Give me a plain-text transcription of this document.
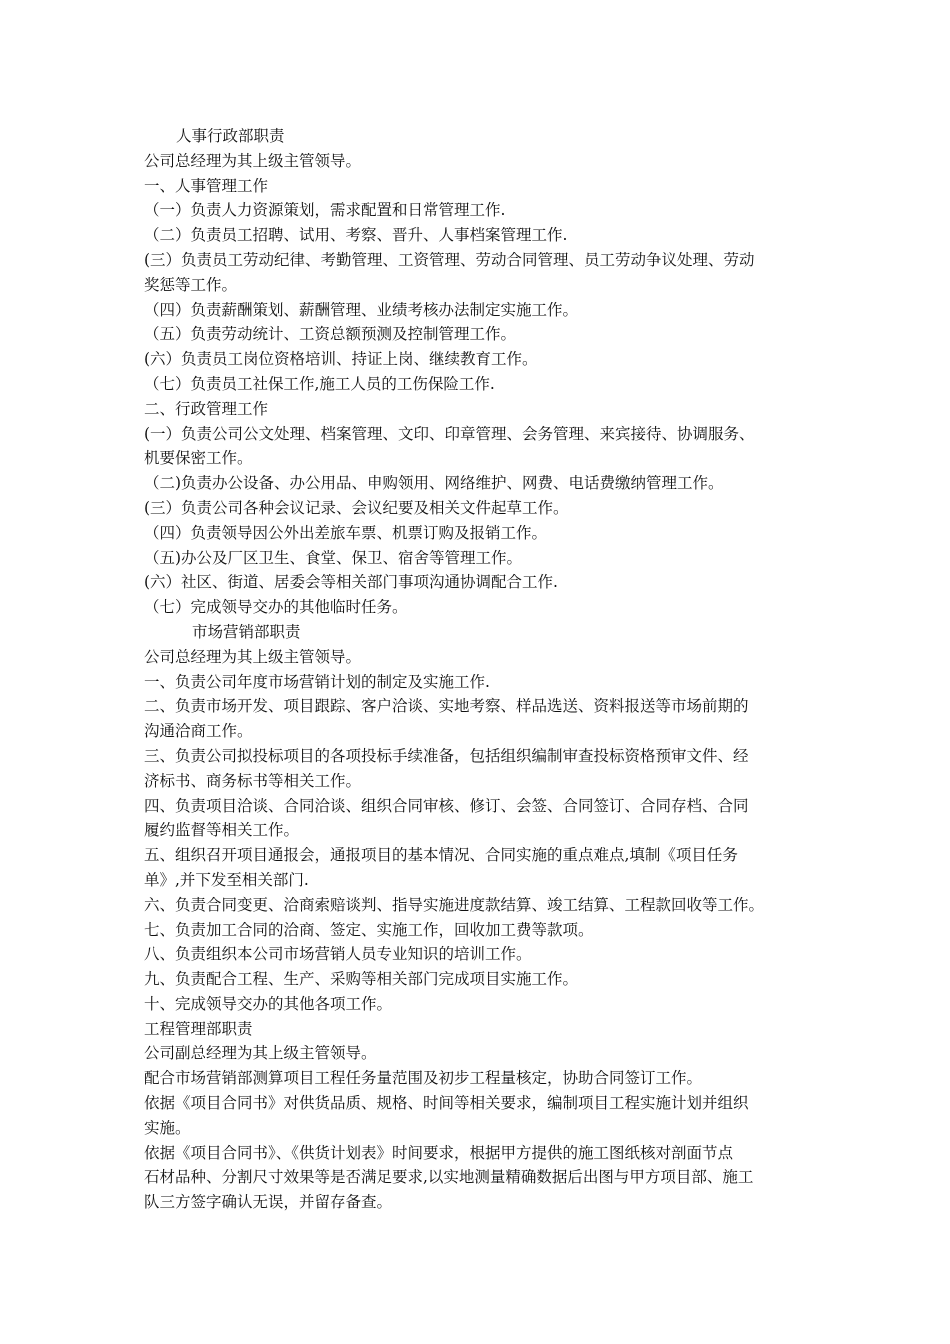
人事行政部职责
公司总经理为其上级主管领导。
一、人事管理工作
（一）负责人力资源策划，需求配置和日常管理工作.
（二）负责员工招聘、试用、考察、晋升、人事档案管理工作.
(三）负责员工劳动纪律、考勤管理、工资管理、劳动合同管理、员工劳动争议处理、劳动
奖惩等工作。
（四）负责薪酬策划、薪酬管理、业绩考核办法制定实施工作。
（五）负责劳动统计、工资总额预测及控制管理工作。
(六）负责员工岗位资格培训、持证上岗、继续教育工作。
（七）负责员工社保工作,施工人员的工伤保险工作.
二、行政管理工作
(一）负责公司公文处理、档案管理、文印、印章管理、会务管理、来宾接待、协调服务、
机要保密工作。
（二)负责办公设备、办公用品、申购领用、网络维护、网费、电话费缴纳管理工作。
(三）负责公司各种会议记录、会议纪要及相关文件起草工作。
（四）负责领导因公外出差旅车票、机票订购及报销工作。
（五)办公及厂区卫生、食堂、保卫、宿舍等管理工作。
(六）社区、街道、居委会等相关部门事项沟通协调配合工作.
（七）完成领导交办的其他临时任务。
市场营销部职责
公司总经理为其上级主管领导。
一、负责公司年度市场营销计划的制定及实施工作.
二、负责市场开发、项目跟踪、客户洽谈、实地考察、样品选送、资料报送等市场前期的
沟通洽商工作。
三、负责公司拟投标项目的各项投标手续准备，包括组织编制审查投标资格预审文件、经
济标书、商务标书等相关工作。
四、负责项目洽谈、合同洽谈、组织合同审核、修订、会签、合同签订、合同存档、合同
履约监督等相关工作。
五、组织召开项目通报会，通报项目的基本情况、合同实施的重点难点,填制《项目任务
单》,并下发至相关部门.
六、负责合同变更、洽商索赔谈判、指导实施进度款结算、竣工结算、工程款回收等工作。
七、负责加工合同的洽商、签定、实施工作，回收加工费等款项。
八、负责组织本公司市场营销人员专业知识的培训工作。
九、负责配合工程、生产、采购等相关部门完成项目实施工作。
十、完成领导交办的其他各项工作。
工程管理部职责
公司副总经理为其上级主管领导。
配合市场营销部测算项目工程任务量范围及初步工程量核定，协助合同签订工作。
依据《项目合同书》对供货品质、规格、时间等相关要求，编制项目工程实施计划并组织
实施。
依据《项目合同书》、《供货计划表》时间要求，根据甲方提供的施工图纸核对剖面节点
石材品种、分割尺寸效果等是否满足要求,以实地测量精确数据后出图与甲方项目部、施工
队三方签字确认无误，并留存备查。
